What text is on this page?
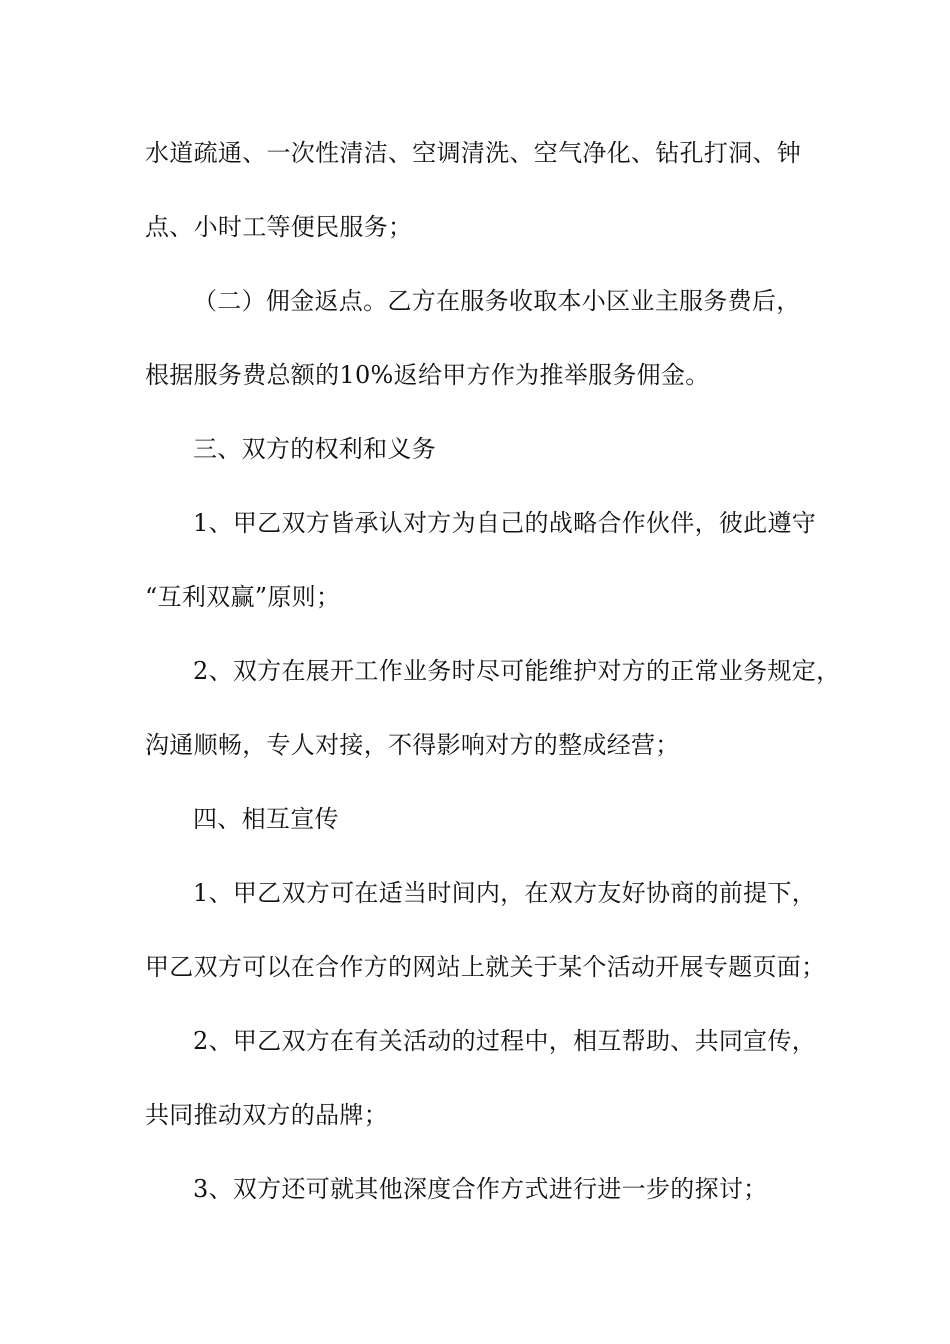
水道疏通、一次性清洁、空调清洗、空气净化、钻孔打洞、钟
点、小时工等便民服务；
（二）佣金返点。乙方在服务收取本小区业主服务费后，
根据服务费总额的10%返给甲方作为推举服务佣金。
三、双方的权利和义务
1、甲乙双方皆承认对方为自己的战略合作伙伴，彼此遵守
“互利双赢”原则；
2、双方在展开工作业务时尽可能维护对方的正常业务规定，
沟通顺畅，专人对接，不得影响对方的整成经营；
四、相互宣传
1、甲乙双方可在适当时间内，在双方友好协商的前提下，
甲乙双方可以在合作方的网站上就关于某个活动开展专题页面；
2、甲乙双方在有关活动的过程中，相互帮助、共同宣传，
共同推动双方的品牌；
3、双方还可就其他深度合作方式进行进一步的探讨；
